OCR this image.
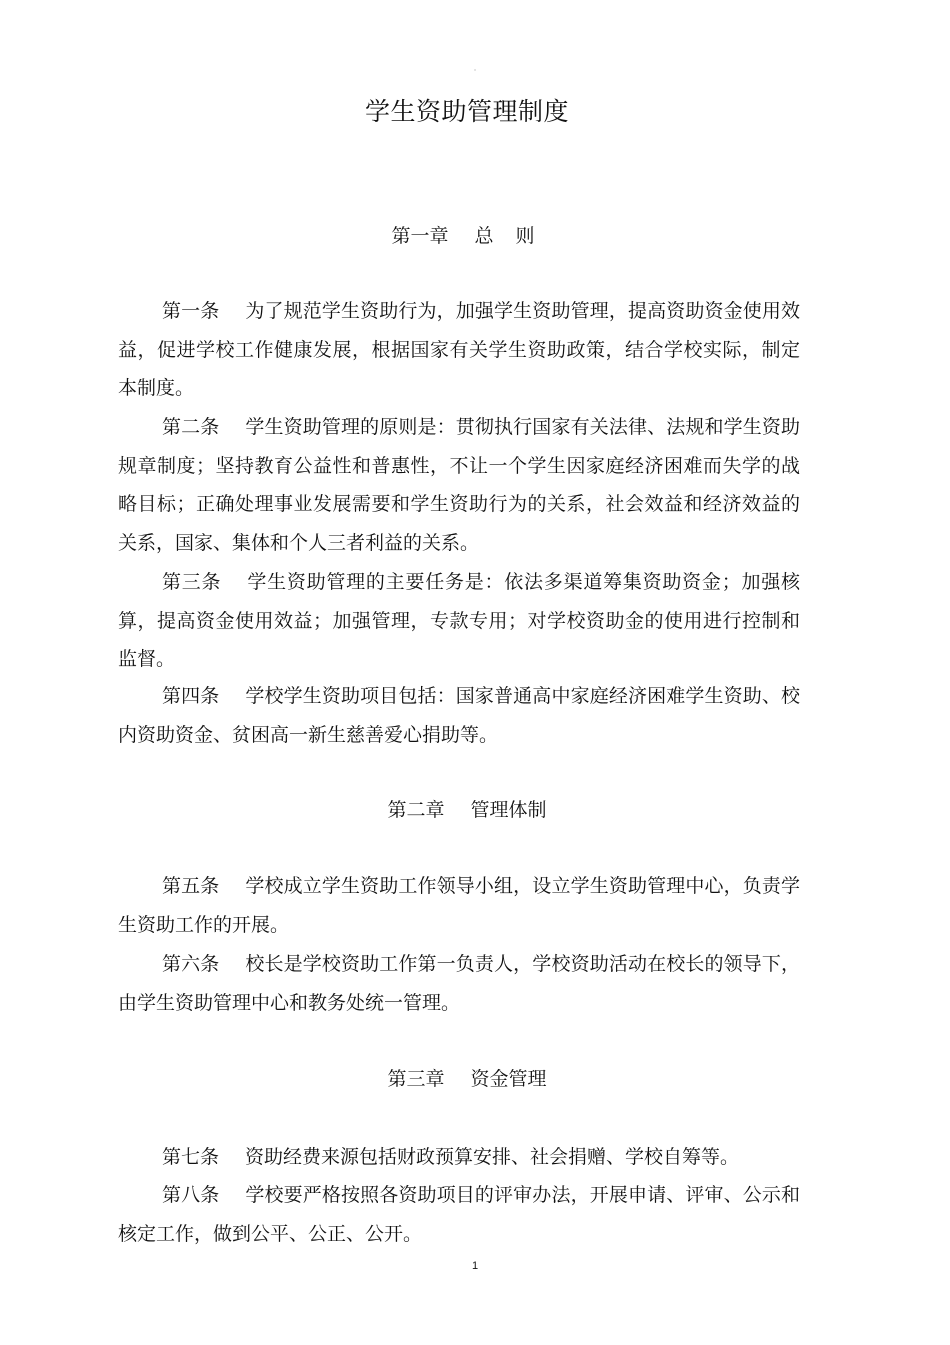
·
学生资助管理制度
第一章 总 则

第一条 为了规范学生资助行为，加强学生资助管理，提高资助资金使用效益，促进学校工作健康发展，根据国家有关学生资助政策，结合学校实际，制定本制度。

第二条 学生资助管理的原则是：贯彻执行国家有关法律、法规和学生资助规章制度；坚持教育公益性和普惠性，不让一个学生因家庭经济困难而失学的战略目标；正确处理事业发展需要和学生资助行为的关系，社会效益和经济效益的关系，国家、集体和个人三者利益的关系。

第三条 学生资助管理的主要任务是：依法多渠道筹集资助资金；加强核算，提高资金使用效益；加强管理，专款专用；对学校资助金的使用进行控制和监督。

第四条 学校学生资助项目包括：国家普通高中家庭经济困难学生资助、校内资助资金、贫困高一新生慈善爱心捐助等。

第二章 管理体制

第五条 学校成立学生资助工作领导小组，设立学生资助管理中心，负责学生资助工作的开展。

第六条 校长是学校资助工作第一负责人，学校资助活动在校长的领导下，由学生资助管理中心和教务处统一管理。

第三章 资金管理

第七条 资助经费来源包括财政预算安排、社会捐赠、学校自筹等。

第八条 学校要严格按照各资助项目的评审办法，开展申请、评审、公示和核定工作，做到公平、公正、公开。

1
